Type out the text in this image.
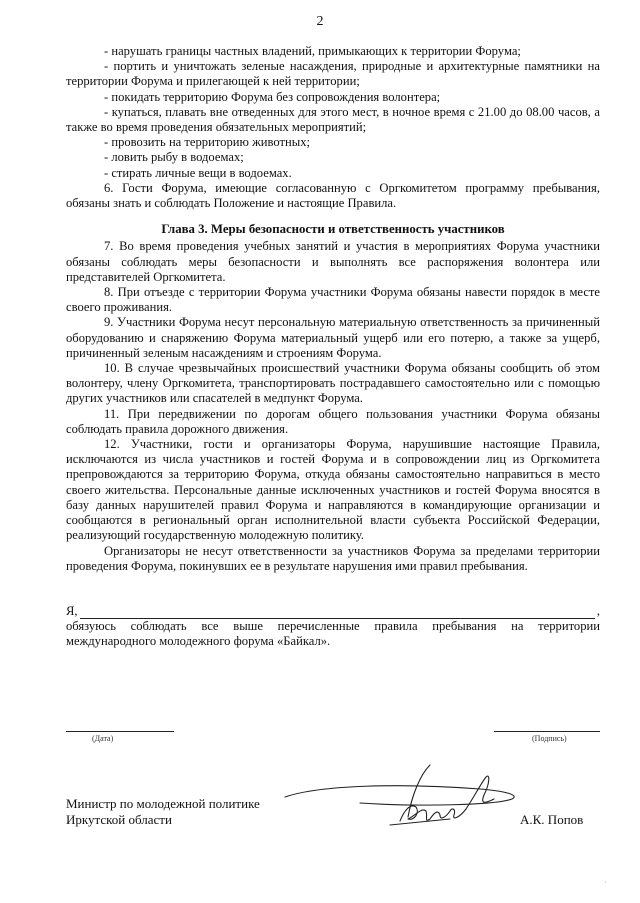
2

- нарушать границы частных владений, примыкающих к территории Форума;

- портить и уничтожать зеленые насаждения, природные и архитектурные памятники на территории Форума и прилегающей к ней территории;

- покидать территорию Форума без сопровождения волонтера;

- купаться, плавать вне отведенных для этого мест, в ночное время с 21.00 до 08.00 часов, а также во время проведения обязательных мероприятий;

- провозить на территорию животных;

- ловить рыбу в водоемах;

- стирать личные вещи в водоемах.

6. Гости Форума, имеющие согласованную с Оргкомитетом программу пребывания, обязаны знать и соблюдать Положение и настоящие Правила.

Глава 3. Меры безопасности и ответственность участников

7. Во время проведения учебных занятий и участия в мероприятиях Форума участники обязаны соблюдать меры безопасности и выполнять все распоряжения волонтера или представителей Оргкомитета.

8. При отъезде с территории Форума участники Форума обязаны навести порядок в месте своего проживания.

9. Участники Форума несут персональную материальную ответственность за причиненный оборудованию и снаряжению Форума материальный ущерб или его потерю, а также за ущерб, причиненный зеленым насаждениям и строениям Форума.

10. В случае чрезвычайных происшествий участники Форума обязаны сообщить об этом волонтеру, члену Оргкомитета, транспортировать пострадавшего самостоятельно или с помощью других участников или спасателей в медпункт Форума.

11. При передвижении по дорогам общего пользования участники Форума обязаны соблюдать правила дорожного движения.

12. Участники, гости и организаторы Форума, нарушившие настоящие Правила, исключаются из числа участников и гостей Форума и в сопровождении лиц из Оргкомитета препровождаются за территорию Форума, откуда обязаны самостоятельно направиться в место своего жительства. Персональные данные исключенных участников и гостей Форума вносятся в базу данных нарушителей правил Форума и направляются в командирующие организации и сообщаются в региональный орган исполнительной власти субъекта Российской Федерации, реализующий государственную молодежную политику.

Организаторы не несут ответственности за участников Форума за пределами территории проведения Форума, покинувших ее в результате нарушения ими правил пребывания.

Я,	,

обязуюсь соблюдать все выше перечисленные правила пребывания на территории международного молодежного форума «Байкал».

(Дата)	(Подпись)
Министр по молодежной политике
Иркутской области	А.К. Попов
·
